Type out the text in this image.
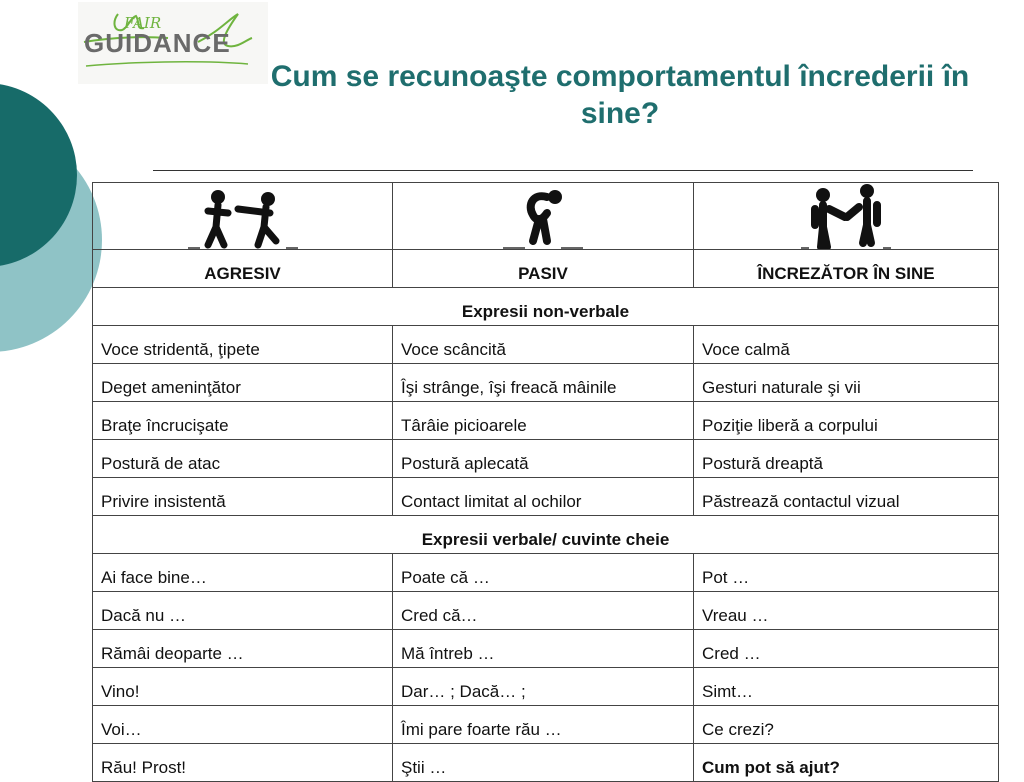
FAIR
GUIDANCE
Cum se recunoaşte comportamentul încrederii în sine?

AGRESIV	PASIV	ÎNCREZĂTOR ÎN SINE
Expresii non-verbale		
Voce stridentă, ţipete	Voce scâncită	Voce calmă
Deget ameninţător	Îşi strânge, îşi freacă mâinile	Gesturi naturale şi vii
Braţe încrucişate	Târâie picioarele	Poziţie liberă a corpului
Postură de atac	Postură aplecată	Postură dreaptă
Privire insistentă	Contact limitat al ochilor	Păstrează contactul vizual
Expresii verbale/ cuvinte cheie		
Ai face bine…	Poate că …	Pot …
Dacă nu …	Cred că…	Vreau …
Rămâi deoparte …	Mă întreb …	Cred …
Vino!	Dar… ; Dacă… ;	Simt…
Voi…	Îmi pare foarte rău …	Ce crezi?
Rău! Prost!	Ştii …	Cum pot să ajut?
